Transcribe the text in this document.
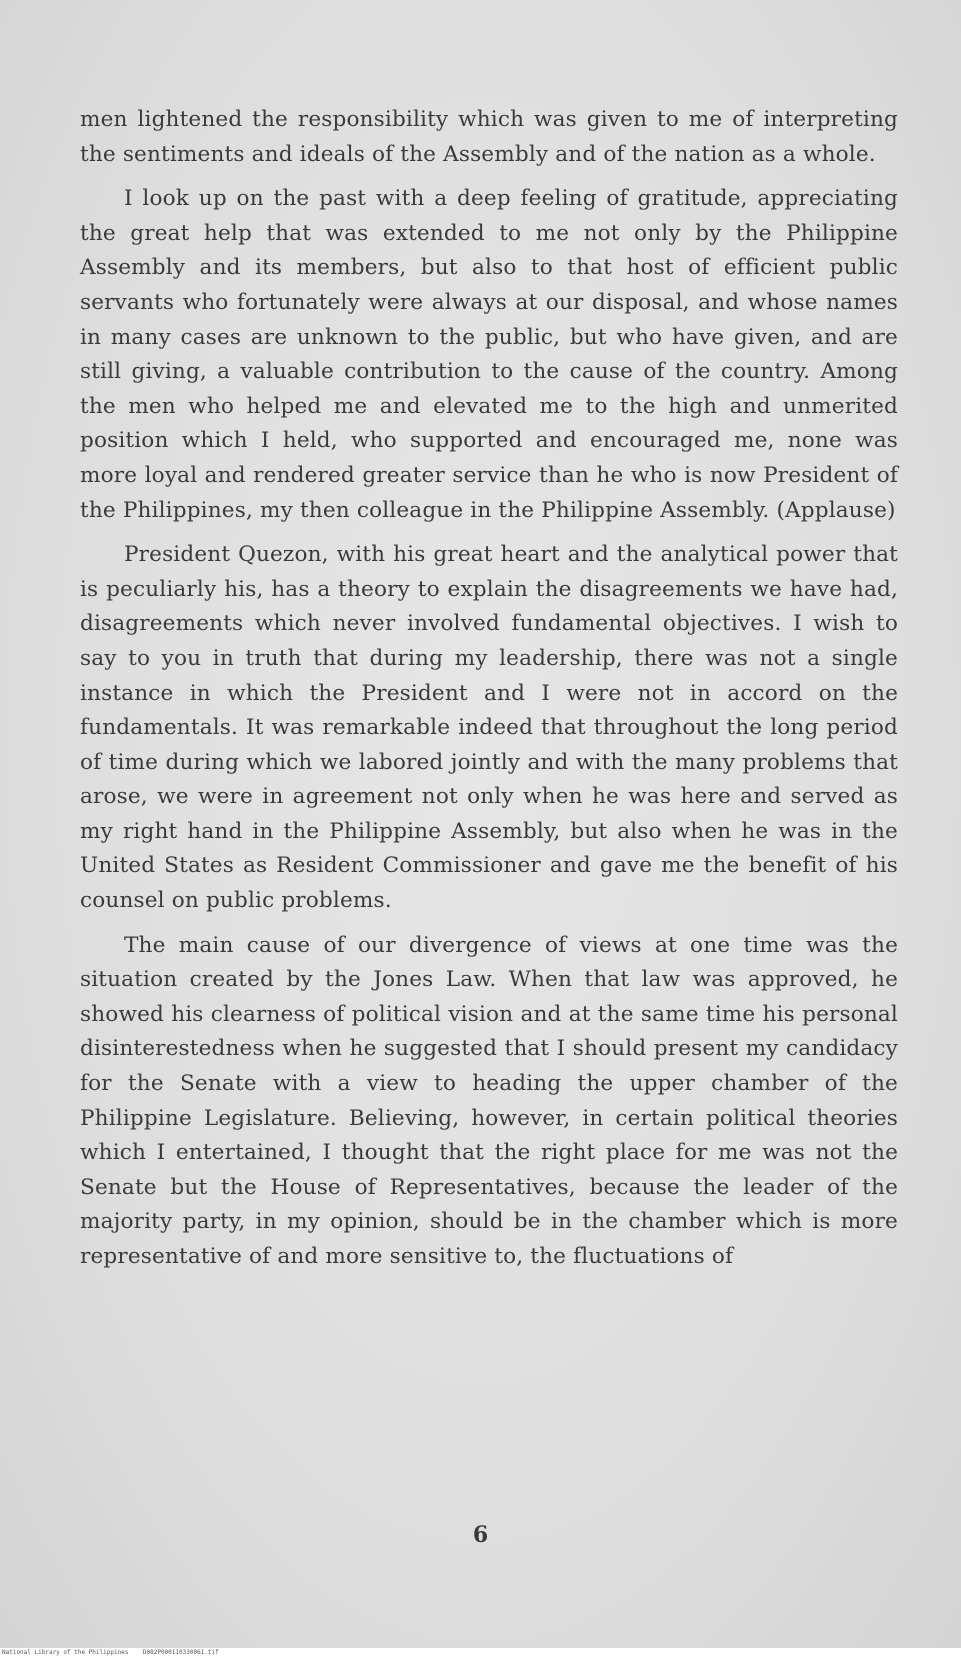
men lightened the responsibility which was given to me of interpreting the sentiments and ideals of the Assembly and of the nation as a whole.

I look up on the past with a deep feeling of gratitude, appreciating the great help that was extended to me not only by the Philippine Assembly and its members, but also to that host of efficient public servants who fortunately were always at our disposal, and whose names in many cases are unknown to the public, but who have given, and are still giving, a valuable contribution to the cause of the country. Among the men who helped me and elevated me to the high and unmerited position which I held, who supported and encouraged me, none was more loyal and rendered greater service than he who is now President of the Philippines, my then colleague in the Philippine Assembly. (Applause)

President Quezon, with his great heart and the analytical power that is peculiarly his, has a theory to explain the disagreements we have had, disagreements which never involved fundamental objectives. I wish to say to you in truth that during my leadership, there was not a single instance in which the President and I were not in accord on the fundamentals. It was remarkable indeed that throughout the long period of time during which we labored jointly and with the many problems that arose, we were in agreement not only when he was here and served as my right hand in the Philippine Assembly, but also when he was in the United States as Resident Commissioner and gave me the benefit of his counsel on public problems.

The main cause of our divergence of views at one time was the situation created by the Jones Law. When that law was approved, he showed his clearness of political vision and at the same time his personal disinterestedness when he suggested that I should present my candidacy for the Senate with a view to heading the upper chamber of the Philippine Legislature. Believing, however, in certain political theories which I entertained, I thought that the right place for me was not the Senate but the House of Representatives, because the leader of the majority party, in my opinion, should be in the chamber which is more representative of and more sensitive to, the fluctuations of

6
National Library of the Philippines    D082P000110330061.tif
